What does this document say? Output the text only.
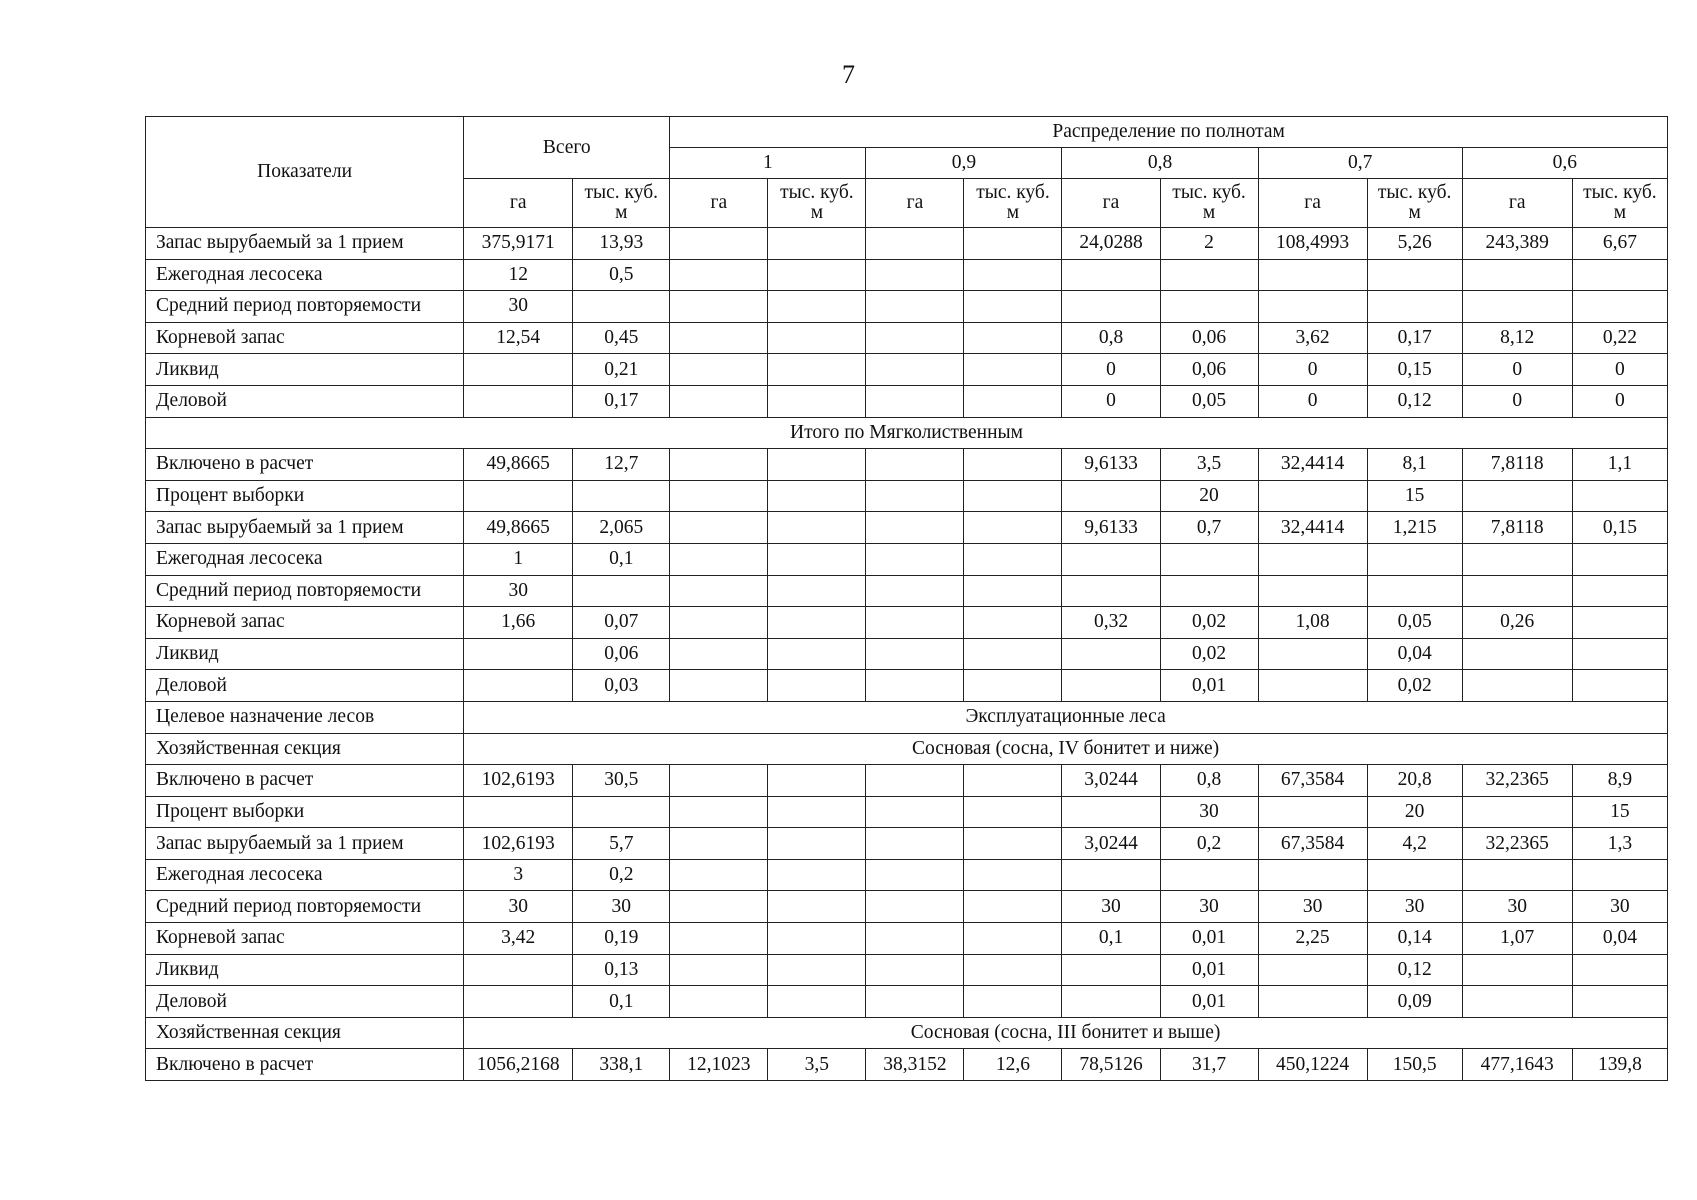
7
Показатели	Всего		Распределение по полнотам									
			1		0,9		0,8		0,7		0,6	
	га	тыс. куб. м	га	тыс. куб. м	га	тыс. куб. м	га	тыс. куб. м	га	тыс. куб. м	га	тыс. куб. м
Запас вырубаемый за 1 прием	375,9171	13,93					24,0288	2	108,4993	5,26	243,389	6,67
Ежегодная лесосека	12	0,5										
Средний период повторяемости	30											
Корневой запас	12,54	0,45					0,8	0,06	3,62	0,17	8,12	0,22
Ликвид		0,21					0	0,06	0	0,15	0	0
Деловой		0,17					0	0,05	0	0,12	0	0
Итого по Мягколиственным												
Включено в расчет	49,8665	12,7					9,6133	3,5	32,4414	8,1	7,8118	1,1
Процент выборки								20		15		
Запас вырубаемый за 1 прием	49,8665	2,065					9,6133	0,7	32,4414	1,215	7,8118	0,15
Ежегодная лесосека	1	0,1										
Средний период повторяемости	30											
Корневой запас	1,66	0,07					0,32	0,02	1,08	0,05	0,26	
Ликвид		0,06						0,02		0,04		
Деловой		0,03						0,01		0,02		
Целевое назначение лесов	Эксплуатационные леса											
Хозяйственная секция	Сосновая (сосна, IV бонитет и ниже)											
Включено в расчет	102,6193	30,5					3,0244	0,8	67,3584	20,8	32,2365	8,9
Процент выборки								30		20		15
Запас вырубаемый за 1 прием	102,6193	5,7					3,0244	0,2	67,3584	4,2	32,2365	1,3
Ежегодная лесосека	3	0,2										
Средний период повторяемости	30	30					30	30	30	30	30	30
Корневой запас	3,42	0,19					0,1	0,01	2,25	0,14	1,07	0,04
Ликвид		0,13						0,01		0,12		
Деловой		0,1						0,01		0,09		
Хозяйственная секция	Сосновая (сосна, III бонитет и выше)											
Включено в расчет	1056,2168	338,1	12,1023	3,5	38,3152	12,6	78,5126	31,7	450,1224	150,5	477,1643	139,8
